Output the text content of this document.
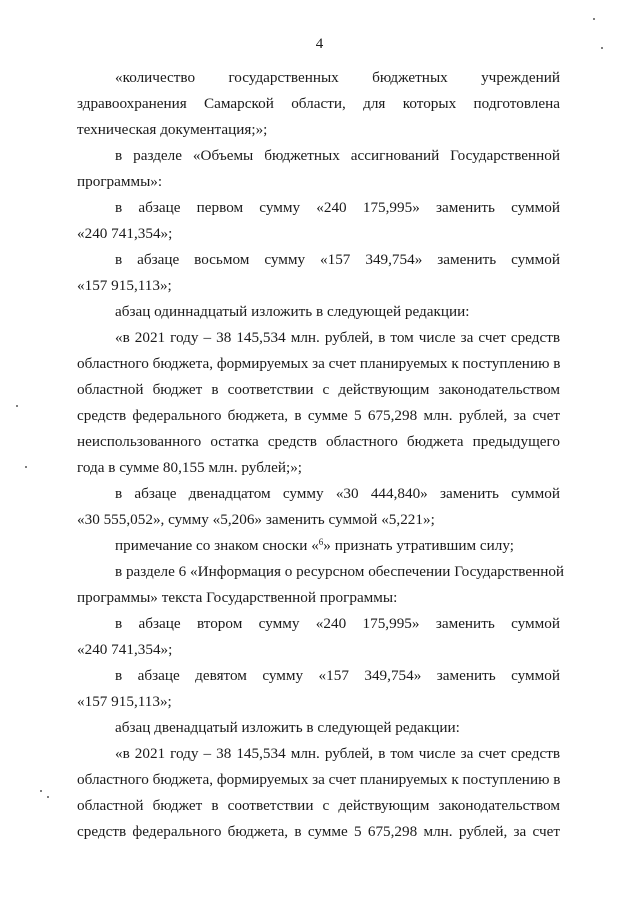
4
«количество государственных бюджетных учреждений
здравоохранения Самарской области, для которых подготовлена
техническая документация;»;
в разделе «Объемы бюджетных ассигнований Государственной
программы»:
в абзаце первом сумму «240 175,995» заменить суммой
«240 741,354»;
в абзаце восьмом сумму «157 349,754» заменить суммой
«157 915,113»;
абзац одиннадцатый изложить в следующей редакции:
«в 2021 году – 38 145,534 млн. рублей, в том числе за счет средств
областного бюджета, формируемых за счет планируемых к поступлению в
областной бюджет в соответствии с действующим законодательством
средств федерального бюджета, в сумме 5 675,298 млн. рублей, за счет
неиспользованного остатка средств областного бюджета предыдущего
года в сумме 80,155 млн. рублей;»;
в абзаце двенадцатом сумму «30 444,840» заменить суммой
«30 555,052», сумму «5,206» заменить суммой «5,221»;
примечание со знаком сноски «$^6$» признать утратившим силу;
в разделе 6 «Информация о ресурсном обеспечении Государственной
программы» текста Государственной программы:
в абзаце втором сумму «240 175,995» заменить суммой
«240 741,354»;
в абзаце девятом сумму «157 349,754» заменить суммой
«157 915,113»;
абзац двенадцатый изложить в следующей редакции:
«в 2021 году – 38 145,534 млн. рублей, в том числе за счет средств
областного бюджета, формируемых за счет планируемых к поступлению в
областной бюджет в соответствии с действующим законодательством
средств федерального бюджета, в сумме 5 675,298 млн. рублей, за счет
